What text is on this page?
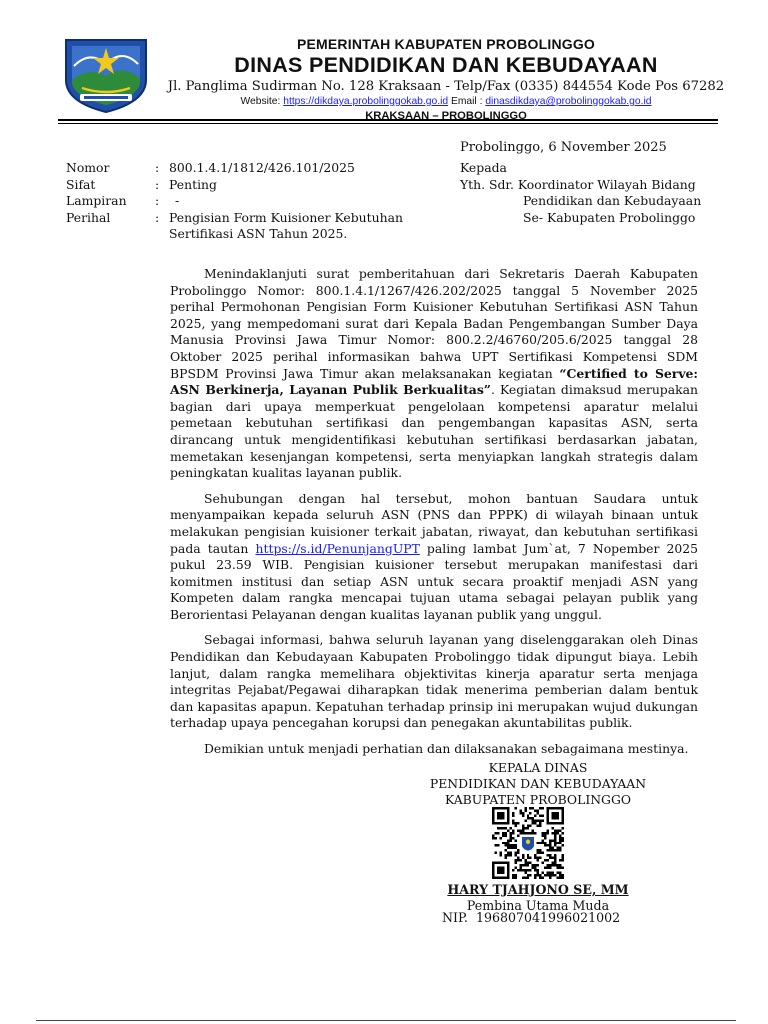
PEMERINTAH KABUPATEN PROBOLINGGO
DINAS PENDIDIKAN DAN KEBUDAYAAN
Jl. Panglima Sudirman No. 128 Kraksaan - Telp/Fax (0335) 844554 Kode Pos 67282
Website: https://dikdaya.probolinggokab.go.id Email : dinasdikdaya@probolinggokab.go.id
KRAKSAAN – PROBOLINGGO
Probolinggo, 6 November 2025
Nomor	: 800.1.4.1/1812/426.101/2025
Sifat	: Penting
Lampiran	:	-
Perihal	: Pengisian Form Kuisioner Kebutuhan Sertifikasi ASN Tahun 2025.
Kepada
Yth. Sdr. Koordinator Wilayah Bidang
Pendidikan dan Kebudayaan
Se- Kabupaten Probolinggo

Menindaklanjuti surat pemberitahuan dari Sekretaris Daerah Kabupaten Probolinggo Nomor: 800.1.4.1/1267/426.202/2025 tanggal 5 November 2025 perihal Permohonan Pengisian Form Kuisioner Kebutuhan Sertifikasi ASN Tahun 2025, yang mempedomani surat dari Kepala Badan Pengembangan Sumber Daya Manusia Provinsi Jawa Timur Nomor: 800.2.2/46760/205.6/2025 tanggal 28 Oktober 2025 perihal informasikan bahwa UPT Sertifikasi Kompetensi SDM BPSDM Provinsi Jawa Timur akan melaksanakan kegiatan “Certified to Serve: ASN Berkinerja, Layanan Publik Berkualitas”. Kegiatan dimaksud merupakan bagian dari upaya memperkuat pengelolaan kompetensi aparatur melalui pemetaan kebutuhan sertifikasi dan pengembangan kapasitas ASN, serta dirancang untuk mengidentifikasi kebutuhan sertifikasi berdasarkan jabatan, memetakan kesenjangan kompetensi, serta menyiapkan langkah strategis dalam peningkatan kualitas layanan publik.

Sehubungan dengan hal tersebut, mohon bantuan Saudara untuk menyampaikan kepada seluruh ASN (PNS dan PPPK) di wilayah binaan untuk melakukan pengisian kuisioner terkait jabatan, riwayat, dan kebutuhan sertifikasi pada tautan https://s.id/PenunjangUPT paling lambat Jum`at, 7 Nopember 2025 pukul 23.59 WIB. Pengisian kuisioner tersebut merupakan manifestasi dari komitmen institusi dan setiap ASN untuk secara proaktif menjadi ASN yang Kompeten dalam rangka mencapai tujuan utama sebagai pelayan publik yang Berorientasi Pelayanan dengan kualitas layanan publik yang unggul.

Sebagai informasi, bahwa seluruh layanan yang diselenggarakan oleh Dinas Pendidikan dan Kebudayaan Kabupaten Probolinggo tidak dipungut biaya. Lebih lanjut, dalam rangka memelihara objektivitas kinerja aparatur serta menjaga integritas Pejabat/Pegawai diharapkan tidak menerima pemberian dalam bentuk dan kapasitas apapun. Kepatuhan terhadap prinsip ini merupakan wujud dukungan terhadap upaya pencegahan korupsi dan penegakan akuntabilitas publik.

Demikian untuk menjadi perhatian dan dilaksanakan sebagaimana mestinya.

KEPALA DINAS
PENDIDIKAN DAN KEBUDAYAAN
KABUPATEN PROBOLINGGO
HARY TJAHJONO SE, MM
Pembina Utama Muda
NIP. 196807041996021002
